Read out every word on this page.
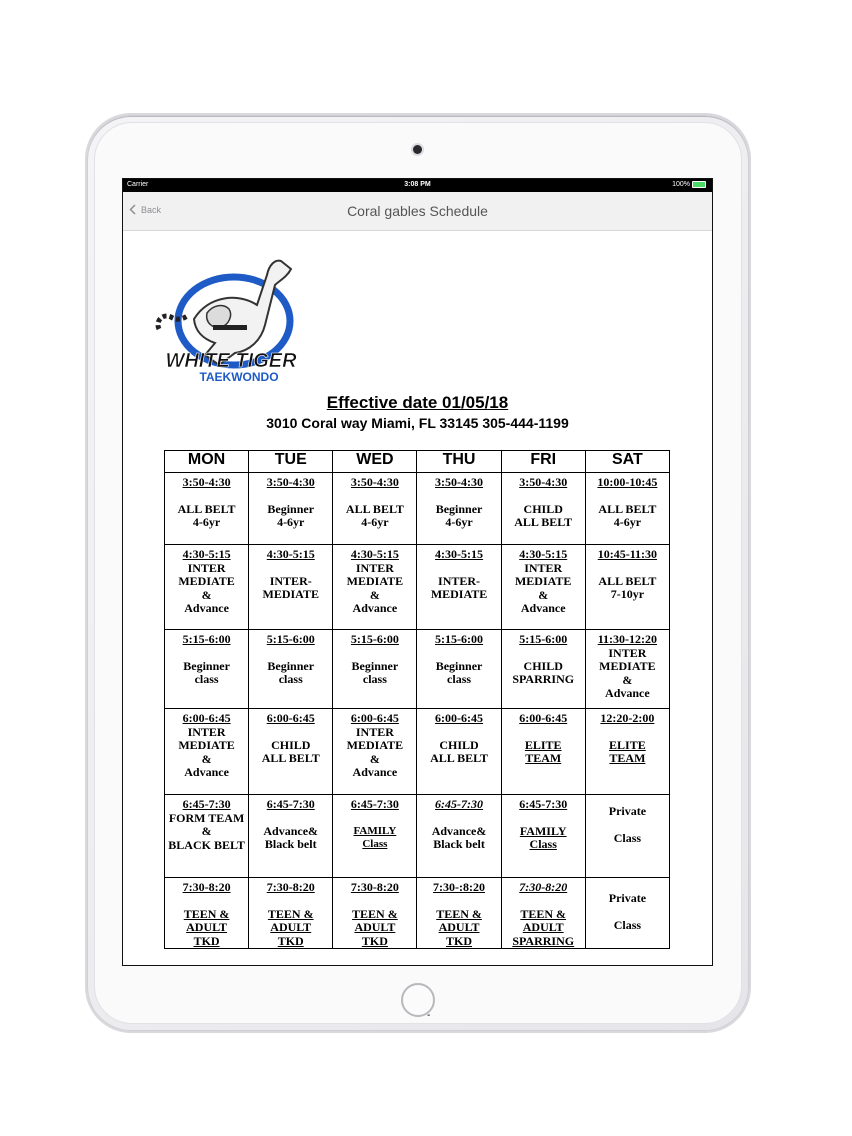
Carrier	3:08 PM	100%
Back	Coral gables Schedule
WHITE TIGER
TAEKWONDO
Effective date 01/05/18
3010 Coral way Miami, FL 33145 305-444-1199
MON	TUE	WED	THU	FRI	SAT

3:50-4:30
ALL BELT
4-6yr	3:50-4:30
Beginner
4-6yr	3:50-4:30
ALL BELT
4-6yr	3:50-4:30
Beginner
4-6yr	3:50-4:30
CHILD
ALL BELT	10:00-10:45
ALL BELT
4-6yr

4:30-5:15
INTER
MEDIATE
&
Advance	4:30-5:15
INTER-
MEDIATE	4:30-5:15
INTER
MEDIATE
&
Advance	4:30-5:15
INTER-
MEDIATE	4:30-5:15
INTER
MEDIATE
&
Advance	10:45-11:30
ALL BELT
7-10yr

5:15-6:00
Beginner
class	5:15-6:00
Beginner
class	5:15-6:00
Beginner
class	5:15-6:00
Beginner
class	5:15-6:00
CHILD
SPARRING	11:30-12:20
INTER
MEDIATE
&
Advance

6:00-6:45
INTER
MEDIATE
&
Advance	6:00-6:45
CHILD
ALL BELT	6:00-6:45
INTER
MEDIATE
&
Advance	6:00-6:45
CHILD
ALL BELT	6:00-6:45
ELITE
TEAM	12:20-2:00
ELITE
TEAM

6:45-7:30
FORM TEAM
&
BLACK BELT	6:45-7:30
Advance&
Black belt	6:45-7:30
FAMILY
Class	6:45-7:30
Advance&
Black belt	6:45-7:30
FAMILY
Class	Private
Class

7:30-8:20
TEEN &
ADULT
TKD	7:30-8:20
TEEN &
ADULT
TKD	7:30-8:20
TEEN &
ADULT
TKD	7:30-:8:20
TEEN &
ADULT
TKD	7:30-8:20
TEEN &
ADULT
SPARRING	Private
Class
-
